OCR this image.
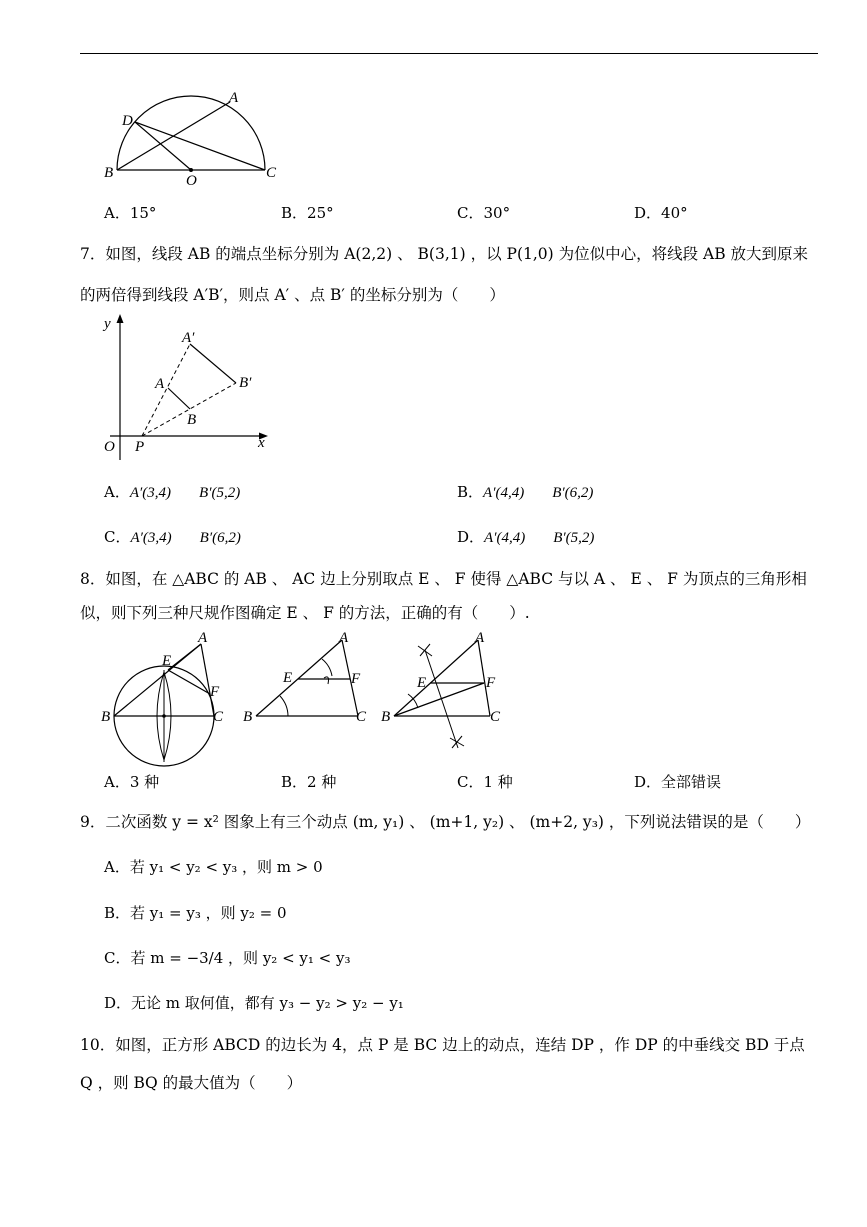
A
D
B	O	C
A．15°	B．25°	C．30°	D．40°
7．如图，线段 AB 的端点坐标分别为 A(2,2) 、 B(3,1) ，以 P(1,0) 为位似中心，将线段 AB 放大到原来
的两倍得到线段 A′B′，则点 A′ 、点 B′ 的坐标分别为（　　）
y
x
O P
A
B
A′
B′
A．A′(3,4) B′(5,2)	B．A′(4,4) B′(6,2)
C．A′(3,4) B′(6,2)	D．A′(4,4) B′(5,2)
8．如图，在 △ABC 的 AB 、 AC 边上分别取点 E 、 F 使得 △ABC 与以 A 、 E 、 F 为顶点的三角形相
似，则下列三种尺规作图确定 E 、 F 的方法，正确的有（　　）.
A
E
F
B	C
A
E	F
B	C
A
E	F
B	C
A．3 种	B．2 种	C．1 种	D．全部错误
9．二次函数 y = x² 图象上有三个动点 (m, y₁) 、 (m+1, y₂) 、 (m+2, y₃) ，下列说法错误的是（　　）
A．若 y₁ < y₂ < y₃ ，则 m > 0
B．若 y₁ = y₃ ，则 y₂ = 0
C．若 m = −3/4 ，则 y₂ < y₁ < y₃
D．无论 m 取何值，都有 y₃ − y₂ > y₂ − y₁
10．如图，正方形 ABCD 的边长为 4，点 P 是 BC 边上的动点，连结 DP ，作 DP 的中垂线交 BD 于点
Q ，则 BQ 的最大值为（　　）
